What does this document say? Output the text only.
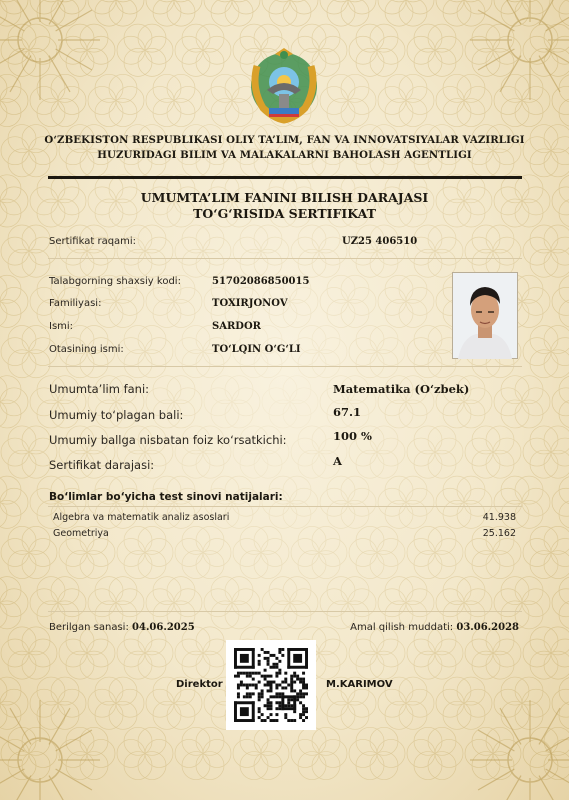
O‘ZBEKISTON RESPUBLIKASI OLIY TA’LIM, FAN VA INNOVATSIYALAR VAZIRLIGI
HUZURIDAGI BILIM VA MALAKALARNI BAHOLASH AGENTLIGI
UMUMTA’LIM FANINI BILISH DARAJASI
TO‘G‘RISIDA SERTIFIKAT
Sertifikat raqami:	UZ25 406510
Talabgorning shaxsiy kodi:	51702086850015
Familiyasi:	TOXIRJONOV
Ismi:	SARDOR
Otasining ismi:	TO‘LQIN O‘G‘LI
Umumta’lim fani:	Matematika (O‘zbek)
Umumiy to‘plagan bali:	67.1
Umumiy ballga nisbatan foiz ko‘rsatkichi:	100 %
Sertifikat darajasi:	A
Bo‘limlar bo‘yicha test sinovi natijalari:
Algebra va matematik analiz asoslari	41.938
Geometriya	25.162
Berilgan sanasi: 04.06.2025	Amal qilish muddati: 03.06.2028
Direktor	M.KARIMOV
